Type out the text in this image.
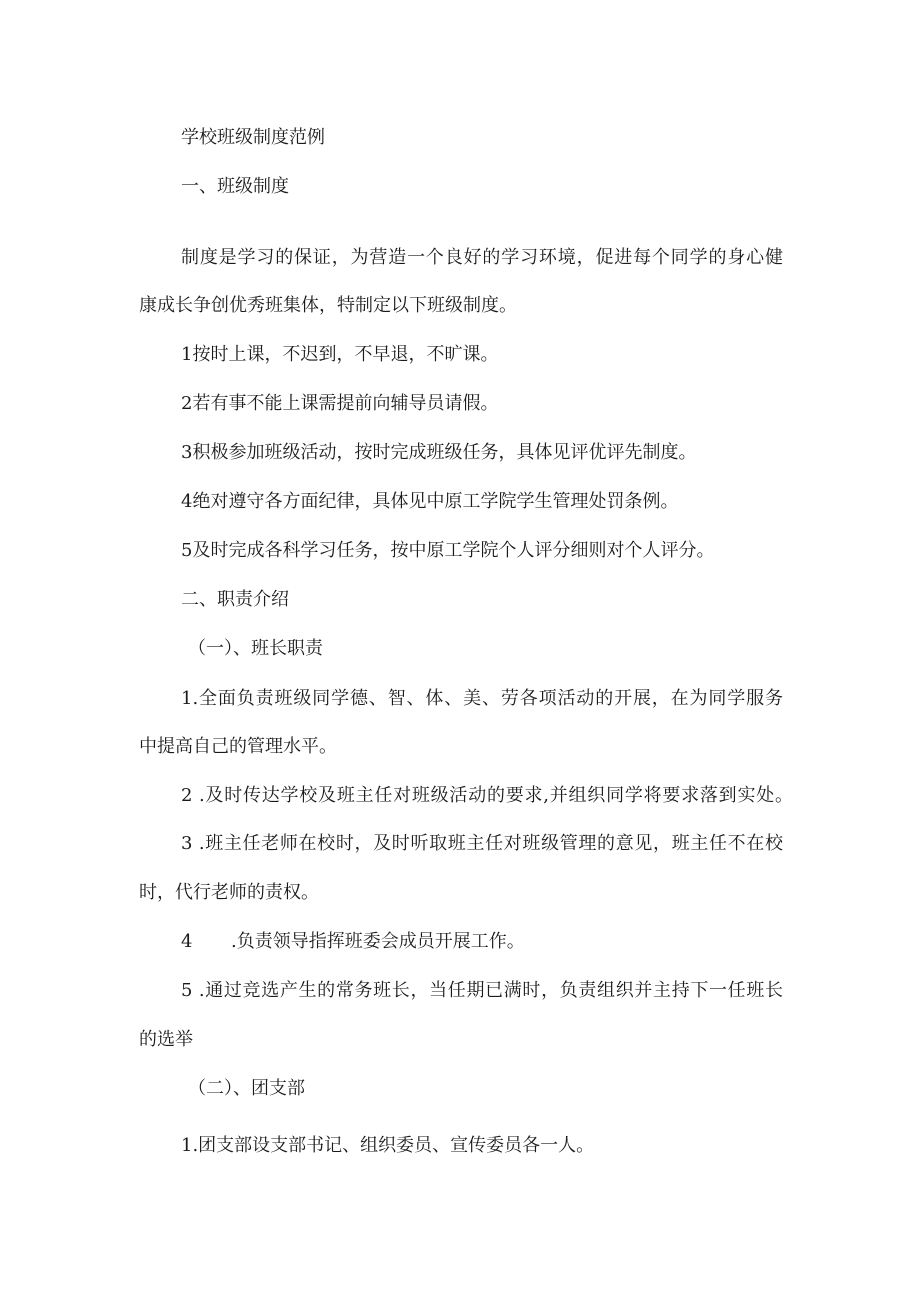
学校班级制度范例

一、班级制度

制度是学习的保证，为营造一个良好的学习环境，促进每个同学的身心健

康成长争创优秀班集体，特制定以下班级制度。

1按时上课，不迟到，不早退，不旷课。

2若有事不能上课需提前向辅导员请假。

3积极参加班级活动，按时完成班级任务，具体见评优评先制度。

4绝对遵守各方面纪律，具体见中原工学院学生管理处罚条例。

5及时完成各科学习任务，按中原工学院个人评分细则对个人评分。

二、职责介绍

（一）、班长职责

1.全面负责班级同学德、智、体、美、劳各项活动的开展，在为同学服务

中提高自己的管理水平。

2 .及时传达学校及班主任对班级活动的要求,并组织同学将要求落到实处。

3 .班主任老师在校时，及时听取班主任对班级管理的意见，班主任不在校

时，代行老师的责权。

4 .负责领导指挥班委会成员开展工作。

5 .通过竞选产生的常务班长，当任期已满时，负责组织并主持下一任班长

的选举

（二）、团支部

1.团支部设支部书记、组织委员、宣传委员各一人。
